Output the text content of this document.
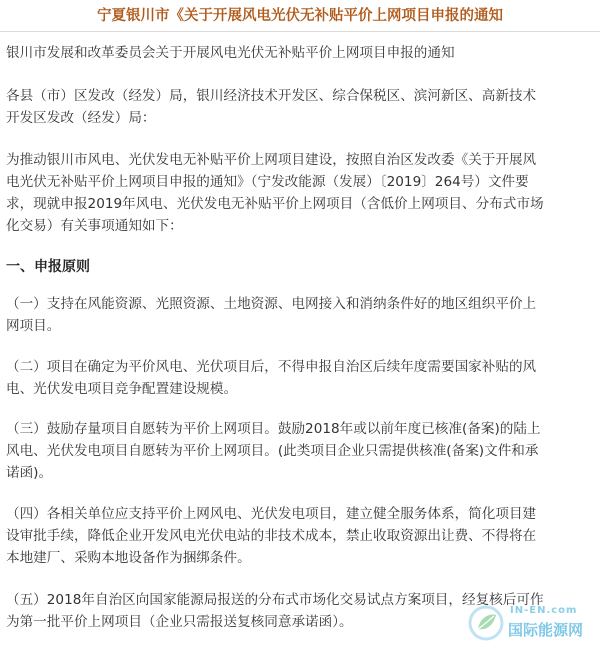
宁夏银川市《关于开展风电光伏无补贴平价上网项目申报的通知

银川市发展和改革委员会关于开展风电光伏无补贴平价上网项目申报的通知

各县（市）区发改（经发）局，银川经济技术开发区、综合保税区、滨河新区、高新技术
开发区发改（经发）局：

为推动银川市风电、光伏发电无补贴平价上网项目建设，按照自治区发改委《关于开展风
电光伏无补贴平价上网项目申报的通知》（宁发改能源（发展）〔2019〕264号）文件要
求，现就申报2019年风电、光伏发电无补贴平价上网项目（含低价上网项目、分布式市场
化交易）有关事项通知如下：

一、申报原则

（一）支持在风能资源、光照资源、土地资源、电网接入和消纳条件好的地区组织平价上
网项目。

（二）项目在确定为平价风电、光伏项目后，不得申报自治区后续年度需要国家补贴的风
电、光伏发电项目竞争配置建设规模。

（三）鼓励存量项目自愿转为平价上网项目。鼓励2018年或以前年度已核准(备案)的陆上
风电、光伏发电项目自愿转为平价上网项目。(此类项目企业只需提供核准(备案)文件和承
诺函)。

（四）各相关单位应支持平价上网风电、光伏发电项目，建立健全服务体系，简化项目建
设审批手续，降低企业开发风电光伏电站的非技术成本，禁止收取资源出让费、不得将在
本地建厂、采购本地设备作为捆绑条件。

（五）2018年自治区向国家能源局报送的分布式市场化交易试点方案项目，经复核后可作
为第一批平价上网项目（企业只需报送复核同意承诺函）。

IN-EN.com
国际能源网
